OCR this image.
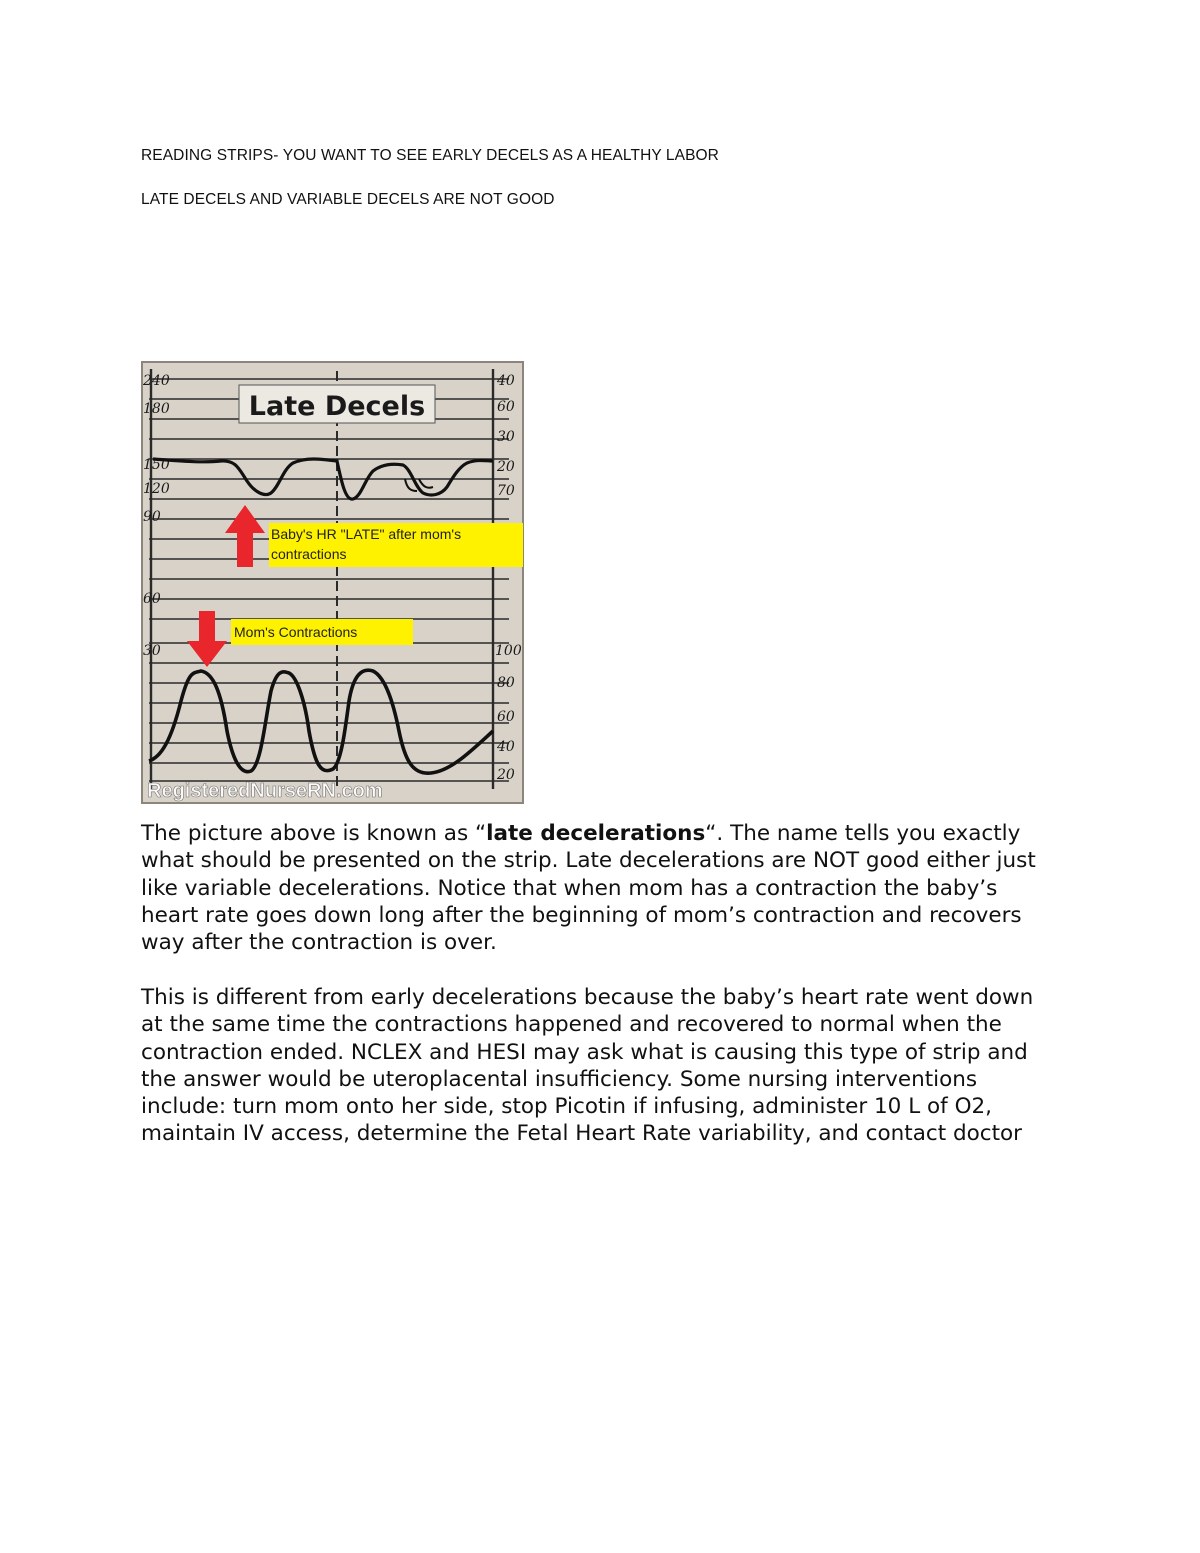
READING STRIPS- YOU WANT TO SEE EARLY DECELS AS A HEALTHY LABOR
LATE DECELS AND VARIABLE DECELS ARE NOT GOOD
240
180
150
120
90
60
30
40
60
30
20
70
100
80
60
40
20
Late Decels
Baby's HR "LATE" after mom's contractions
Mom's Contractions
RegisteredNurseRN.com

The picture above is known as “late decelerations“. The name tells you exactly what should be presented on the strip. Late decelerations are NOT good either just like variable decelerations. Notice that when mom has a contraction the baby’s heart rate goes down long after the beginning of mom’s contraction and recovers way after the contraction is over.

This is different from early decelerations because the baby’s heart rate went down at the same time the contractions happened and recovered to normal when the contraction ended. NCLEX and HESI may ask what is causing this type of strip and the answer would be uteroplacental insufficiency. Some nursing interventions include: turn mom onto her side, stop Picotin if infusing, administer 10 L of O2, maintain IV access, determine the Fetal Heart Rate variability, and contact doctor
